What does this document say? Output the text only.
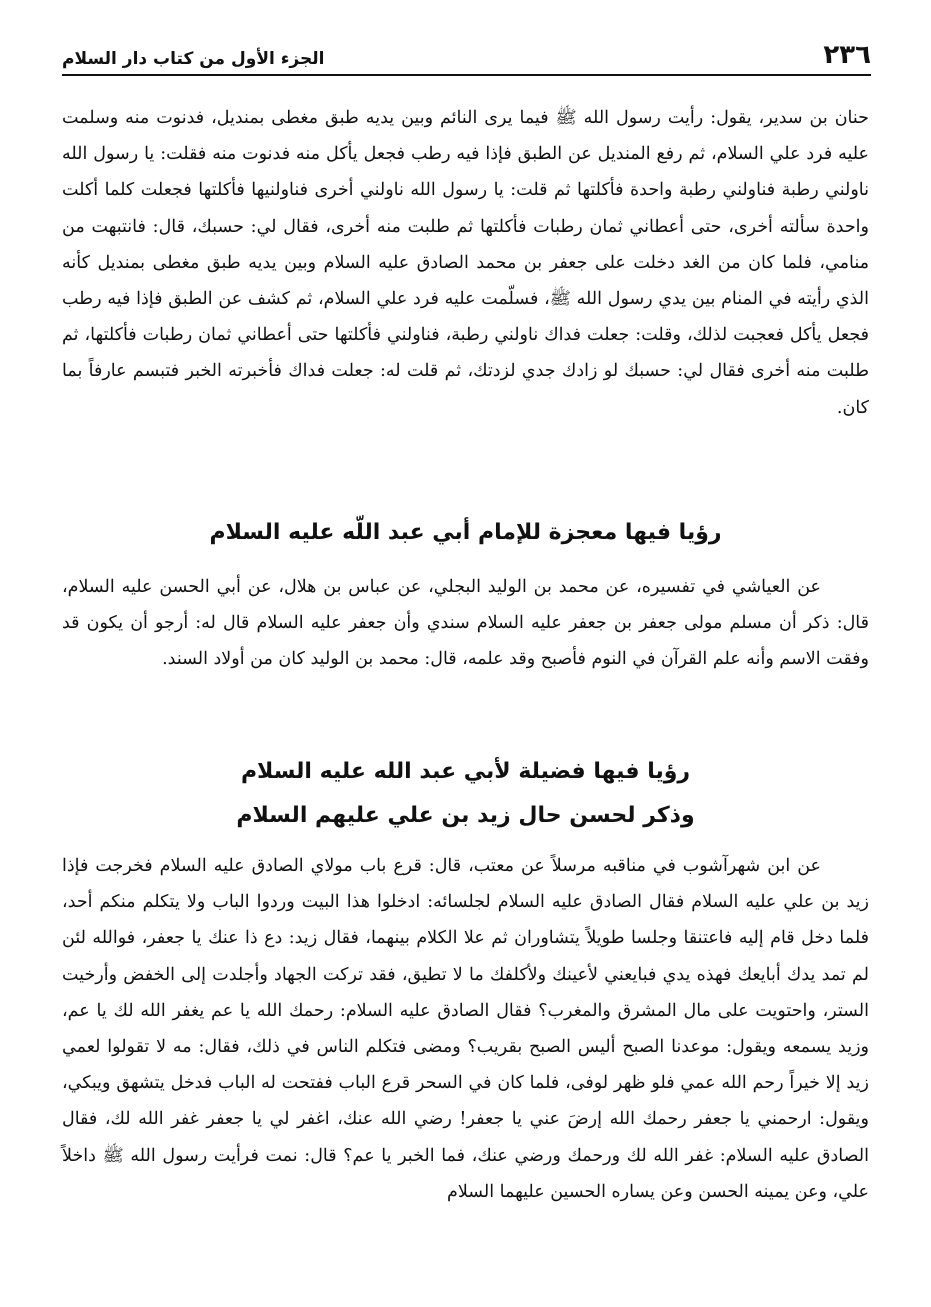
٢٣٦
الجزء الأول من كتاب دار السلام

حنان بن سدير، يقول: رأيت رسول الله ﷺ فيما يرى النائم وبين يديه طبق مغطى بمنديل، فدنوت منه وسلمت عليه فرد علي السلام، ثم رفع المنديل عن الطبق فإذا فيه رطب فجعل يأكل منه فدنوت منه فقلت: يا رسول الله ناولني رطبة فناولني رطبة واحدة فأكلتها ثم قلت: يا رسول الله ناولني أخرى فناولنيها فأكلتها فجعلت كلما أكلت واحدة سألته أخرى، حتى أعطاني ثمان رطبات فأكلتها ثم طلبت منه أخرى، فقال لي: حسبك، قال: فانتبهت من منامي، فلما كان من الغد دخلت على جعفر بن محمد الصادق عليه السلام وبين يديه طبق مغطى بمنديل كأنه الذي رأيته في المنام بين يدي رسول الله ﷺ، فسلّمت عليه فرد علي السلام، ثم كشف عن الطبق فإذا فيه رطب فجعل يأكل فعجبت لذلك، وقلت: جعلت فداك ناولني رطبة، فناولني فأكلتها حتى أعطاني ثمان رطبات فأكلتها، ثم طلبت منه أخرى فقال لي: حسبك لو زادك جدي لزدتك، ثم قلت له: جعلت فداك فأخبرته الخبر فتبسم عارفاً بما كان.

رؤيا فيها معجزة للإمام أبي عبد اللّه عليه السلام

عن العياشي في تفسيره، عن محمد بن الوليد البجلي، عن عباس بن هلال، عن أبي الحسن عليه السلام، قال: ذكر أن مسلم مولى جعفر بن جعفر عليه السلام سندي وأن جعفر عليه السلام قال له: أرجو أن يكون قد وفقت الاسم وأنه علم القرآن في النوم فأصبح وقد علمه، قال: محمد بن الوليد كان من أولاد السند.

رؤيا فيها فضيلة لأبي عبد الله عليه السلام
وذكر لحسن حال زيد بن علي عليهم السلام

عن ابن شهرآشوب في مناقبه مرسلاً عن معتب، قال: قرع باب مولاي الصادق عليه السلام فخرجت فإذا زيد بن علي عليه السلام فقال الصادق عليه السلام لجلسائه: ادخلوا هذا البيت وردوا الباب ولا يتكلم منكم أحد، فلما دخل قام إليه فاعتنقا وجلسا طويلاً يتشاوران ثم علا الكلام بينهما، فقال زيد: دع ذا عنك يا جعفر، فوالله لئن لم تمد يدك أبايعك فهذه يدي فبايعني لأعينك ولأكلفك ما لا تطيق، فقد تركت الجهاد وأجلدت إلى الخفض وأرخيت الستر، واحتويت على مال المشرق والمغرب؟ فقال الصادق عليه السلام: رحمك الله يا عم يغفر الله لك يا عم، وزيد يسمعه ويقول: موعدنا الصبح أليس الصبح بقريب؟ ومضى فتكلم الناس في ذلك، فقال: مه لا تقولوا لعمي زيد إلا خيراً رحم الله عمي فلو ظهر لوفى، فلما كان في السحر قرع الباب ففتحت له الباب فدخل يتشهق ويبكي، ويقول: ارحمني يا جعفر رحمك الله إرضَ عني يا جعفر! رضي الله عنك، اغفر لي يا جعفر غفر الله لك، فقال الصادق عليه السلام: غفر الله لك ورحمك ورضي عنك، فما الخبر يا عم؟ قال: نمت فرأيت رسول الله ﷺ داخلاً علي، وعن يمينه الحسن وعن يساره الحسين عليهما السلام
